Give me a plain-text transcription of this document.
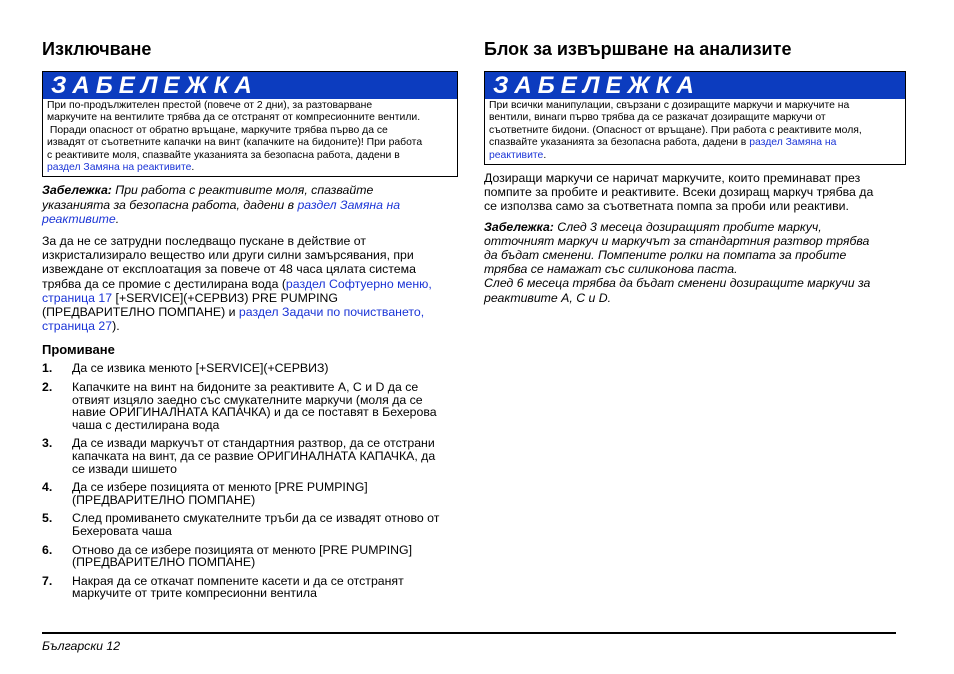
Изключване
ЗАБЕЛЕЖКА
При по-продължителен престой (повече от 2 дни), за разтоварване
маркучите на вентилите трябва да се отстранят от компресионните вентили.
Поради опасност от обратно връщане, маркучите трябва първо да се
извадят от съответните капачки на винт (капачките на бидоните)! При работа
с реактивите моля, спазвайте указанията за безопасна работа, дадени в
раздел Замяна на реактивите.

Забележка: При работа с реактивите моля, спазвайте
указанията за безопасна работа, дадени в раздел Замяна на
реактивите.

За да не се затрудни последващо пускане в действие от
изкристализирало вещество или други силни замърсявания, при
извеждане от експлоатация за повече от 48 часа цялата система
трябва да се промие с дестилирана вода (раздел Софтуерно меню,
страница 17 [+SERVICE](+СЕРВИЗ) PRE PUMPING
(ПРЕДВАРИТЕЛНО ПОМПАНЕ) и раздел Задачи по почистването,
страница 27).

Промиване
1. Да се извика менюто [+SERVICE](+СЕРВИЗ)
2. Капачките на винт на бидоните за реактивите A, C и D да се
отвият изцяло заедно със смукателните маркучи (моля да се
навие ОРИГИНАЛНАТА КАПАЧКА) и да се поставят в Бехерова
чаша с дестилирана вода
3. Да се извади маркучът от стандартния разтвор, да се отстрани
капачката на винт, да се развие ОРИГИНАЛНАТА КАПАЧКА, да
се извади шишето
4. Да се избере позицията от менюто [PRE PUMPING]
(ПРЕДВАРИТЕЛНО ПОМПАНЕ)
5. След промиването смукателните тръби да се извадят отново от
Бехеровата чаша
6. Отново да се избере позицията от менюто [PRE PUMPING]
(ПРЕДВАРИТЕЛНО ПОМПАНЕ)
7. Накрая да се откачат помпените касети и да се отстранят
маркучите от трите компресионни вентила
Блок за извършване на анализите
ЗАБЕЛЕЖКА
При всички манипулации, свързани с дозиращите маркучи и маркучите на
вентили, винаги първо трябва да се разкачат дозиращите маркучи от
съответните бидони. (Опасност от връщане). При работа с реактивите моля,
спазвайте указанията за безопасна работа, дадени в раздел Замяна на
реактивите.

Дозиращи маркучи се наричат маркучите, които преминават през
помпите за пробите и реактивите. Всеки дозиращ маркуч трябва да
се използва само за съответната помпа за проби или реактиви.

Забележка: След 3 месеца дозиращият пробите маркуч,
отточният маркуч и маркучът за стандартния разтвор трябва
да бъдат сменени. Помпените ролки на помпата за пробите
трябва се намажат със силиконова паста.
След 6 месеца трябва да бъдат сменени дозиращите маркучи за
реактивите A, C и D.

Български 12
